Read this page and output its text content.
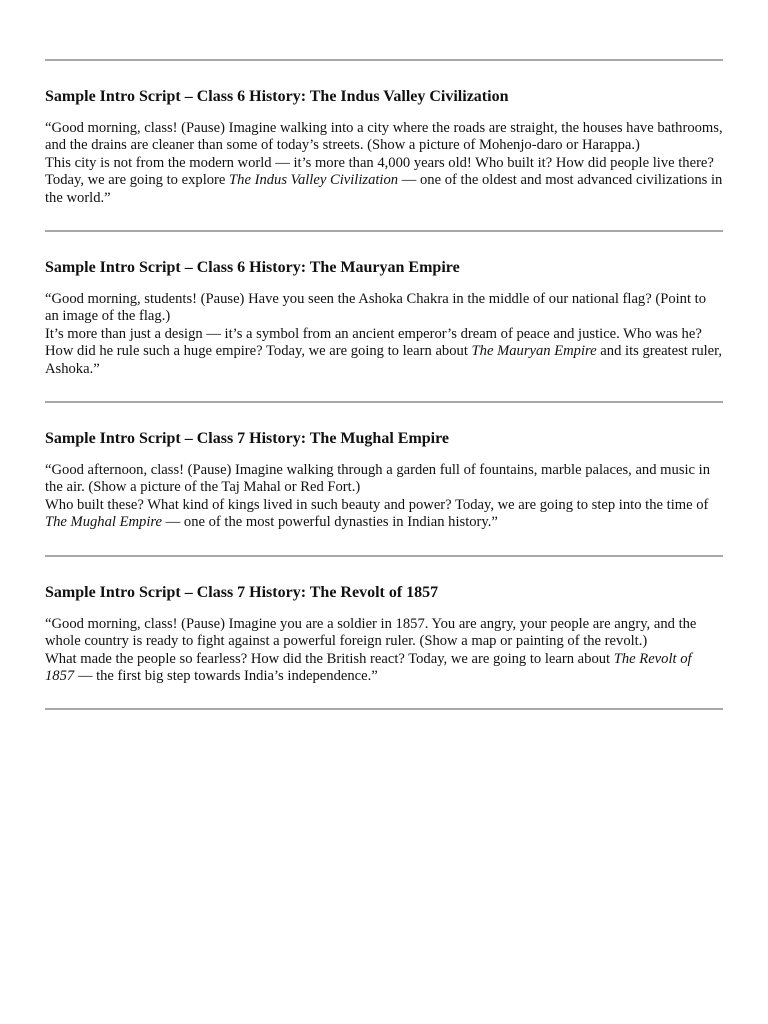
Sample Intro Script – Class 6 History: The Indus Valley Civilization

“Good morning, class! (Pause) Imagine walking into a city where the roads are straight, the houses have bathrooms, and the drains are cleaner than some of today’s streets. (Show a picture of Mohenjo-daro or Harappa.)
This city is not from the modern world — it’s more than 4,000 years old! Who built it? How did people live there? Today, we are going to explore The Indus Valley Civilization — one of the oldest and most advanced civilizations in the world.”

Sample Intro Script – Class 6 History: The Mauryan Empire

“Good morning, students! (Pause) Have you seen the Ashoka Chakra in the middle of our national flag? (Point to an image of the flag.)
It’s more than just a design — it’s a symbol from an ancient emperor’s dream of peace and justice. Who was he? How did he rule such a huge empire? Today, we are going to learn about The Mauryan Empire and its greatest ruler, Ashoka.”

Sample Intro Script – Class 7 History: The Mughal Empire

“Good afternoon, class! (Pause) Imagine walking through a garden full of fountains, marble palaces, and music in the air. (Show a picture of the Taj Mahal or Red Fort.)
Who built these? What kind of kings lived in such beauty and power? Today, we are going to step into the time of The Mughal Empire — one of the most powerful dynasties in Indian history.”

Sample Intro Script – Class 7 History: The Revolt of 1857

“Good morning, class! (Pause) Imagine you are a soldier in 1857. You are angry, your people are angry, and the whole country is ready to fight against a powerful foreign ruler. (Show a map or painting of the revolt.)
What made the people so fearless? How did the British react? Today, we are going to learn about The Revolt of 1857 — the first big step towards India’s independence.”
